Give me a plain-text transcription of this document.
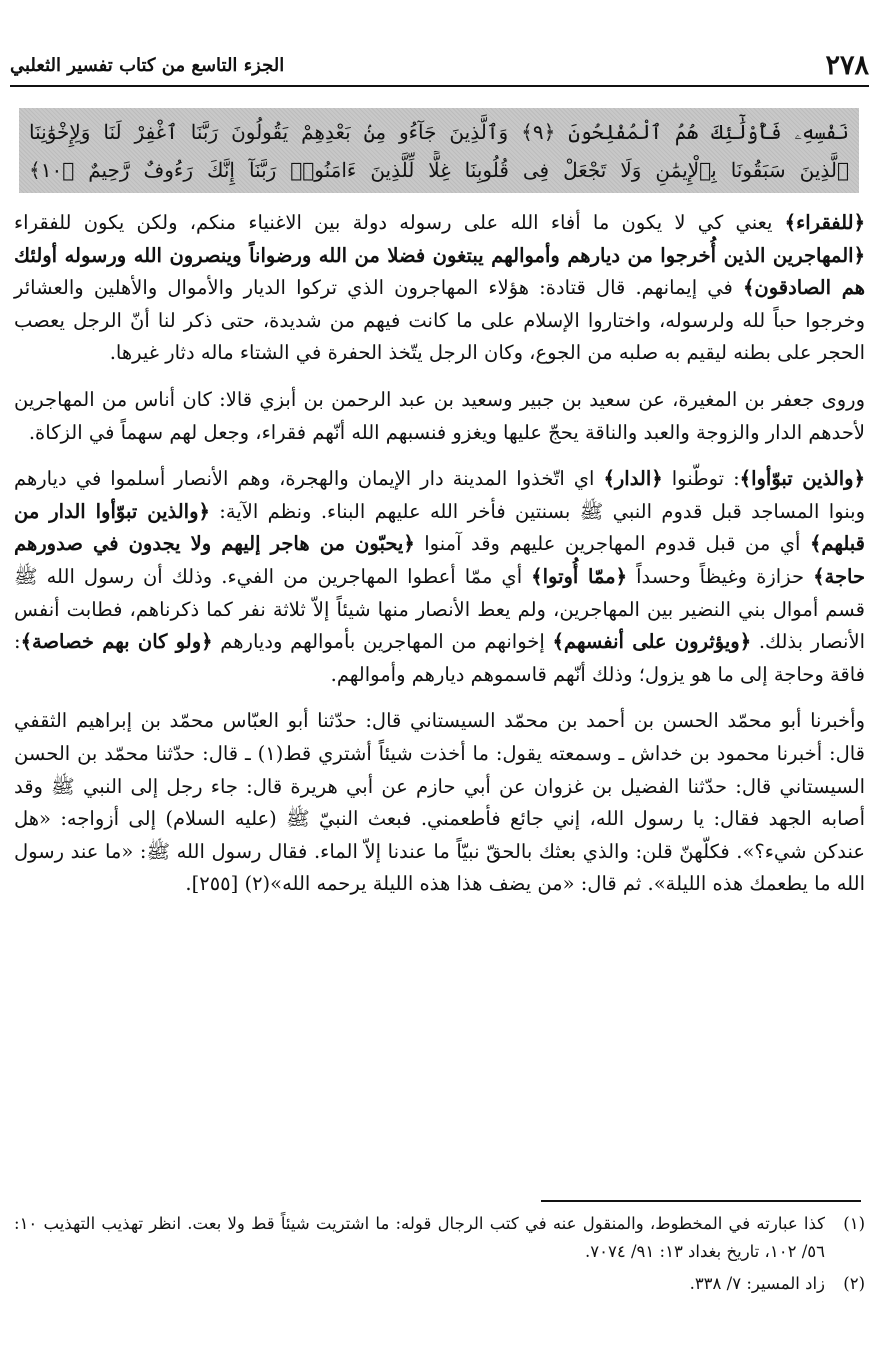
٢٧٨
الجزء التاسع من كتاب تفسير الثعلبي
نَفْسِهِۦ فَأُوْلَٰٓئِكَ هُمُ ٱلْمُفْلِحُونَ ﴿٩﴾ وَٱلَّذِينَ جَآءُو مِنۢ بَعْدِهِمْ يَقُولُونَ رَبَّنَا ٱغْفِرْ لَنَا وَلِإِخْوَٰنِنَا
ٱلَّذِينَ سَبَقُونَا بِٱلْإِيمَٰنِ وَلَا تَجْعَلْ فِى قُلُوبِنَا غِلًّا لِّلَّذِينَ ءَامَنُوا۟ رَبَّنَآ إِنَّكَ رَءُوفٌ رَّحِيمٌ ﴿١٠﴾

﴿للفقراء﴾ يعني كي لا يكون ما أفاء الله على رسوله دولة بين الاغنياء منكم، ولكن يكون للفقراء ﴿المهاجرين الذين أُخرجوا من ديارهم وأموالهم يبتغون فضلا من الله ورضواناً وينصرون الله ورسوله أولئك هم الصادقون﴾ في إيمانهم. قال قتادة: هؤلاء المهاجرون الذي تركوا الديار والأموال والأهلين والعشائر وخرجوا حباً لله ولرسوله، واختاروا الإسلام على ما كانت فيهم من شديدة، حتى ذكر لنا أنّ الرجل يعصب الحجر على بطنه ليقيم به صلبه من الجوع، وكان الرجل يتّخذ الحفرة في الشتاء ماله دثار غيرها.

وروى جعفر بن المغيرة، عن سعيد بن جبير وسعيد بن عبد الرحمن بن أبزي قالا: كان أناس من المهاجرين لأحدهم الدار والزوجة والعبد والناقة يحجّ عليها ويغزو فنسبهم الله أنّهم فقراء، وجعل لهم سهماً في الزكاة.

﴿والذين تبوّأوا﴾: توطّنوا ﴿الدار﴾ اي اتّخذوا المدينة دار الإيمان والهجرة، وهم الأنصار أسلموا في ديارهم وبنوا المساجد قبل قدوم النبي ﷺ بسنتين فأخر الله عليهم البناء. ونظم الآية: ﴿والذين تبوّأوا الدار من قبلهم﴾ أي من قبل قدوم المهاجرين عليهم وقد آمنوا ﴿يحبّون من هاجر إليهم ولا يجدون في صدورهم حاجة﴾ حزازة وغيظاً وحسداً ﴿ممّا أُوتوا﴾ أي ممّا أعطوا المهاجرين من الفيء. وذلك أن رسول الله ﷺ قسم أموال بني النضير بين المهاجرين، ولم يعط الأنصار منها شيئاً إلاّ ثلاثة نفر كما ذكرناهم، فطابت أنفس الأنصار بذلك. ﴿ويؤثرون على أنفسهم﴾ إخوانهم من المهاجرين بأموالهم وديارهم ﴿ولو كان بهم خصاصة﴾: فاقة وحاجة إلى ما هو يزول؛ وذلك أنّهم قاسموهم ديارهم وأموالهم.

وأخبرنا أبو محمّد الحسن بن أحمد بن محمّد السيستاني قال: حدّثنا أبو العبّاس محمّد بن إبراهيم الثقفي قال: أخبرنا محمود بن خداش ـ وسمعته يقول: ما أخذت شيئاً أشتري قط(١) ـ قال: حدّثنا محمّد بن الحسن السيستاني قال: حدّثنا الفضيل بن غزوان عن أبي حازم عن أبي هريرة قال: جاء رجل إلى النبي ﷺ وقد أصابه الجهد فقال: يا رسول الله، إني جائع فأطعمني. فبعث النبيّ ﷺ (عليه السلام) إلى أزواجه: «هل عندكن شيء؟». فكلّهنّ قلن: والذي بعثك بالحقّ نبيّاً ما عندنا إلاّ الماء. فقال رسول الله ﷺ: «ما عند رسول الله ما يطعمك هذه الليلة». ثم قال: «من يضف هذا هذه الليلة يرحمه الله»(٢) [٢٥٥].

(١)
كذا عبارته في المخطوط، والمنقول عنه في كتب الرجال قوله: ما اشتريت شيئاً قط ولا بعت. انظر تهذيب التهذيب ١٠: ٥٦/ ١٠٢، تاريخ بغداد ١٣: ٩١/ ٧٠٧٤.
(٢)
زاد المسير: ٧/ ٣٣٨.
